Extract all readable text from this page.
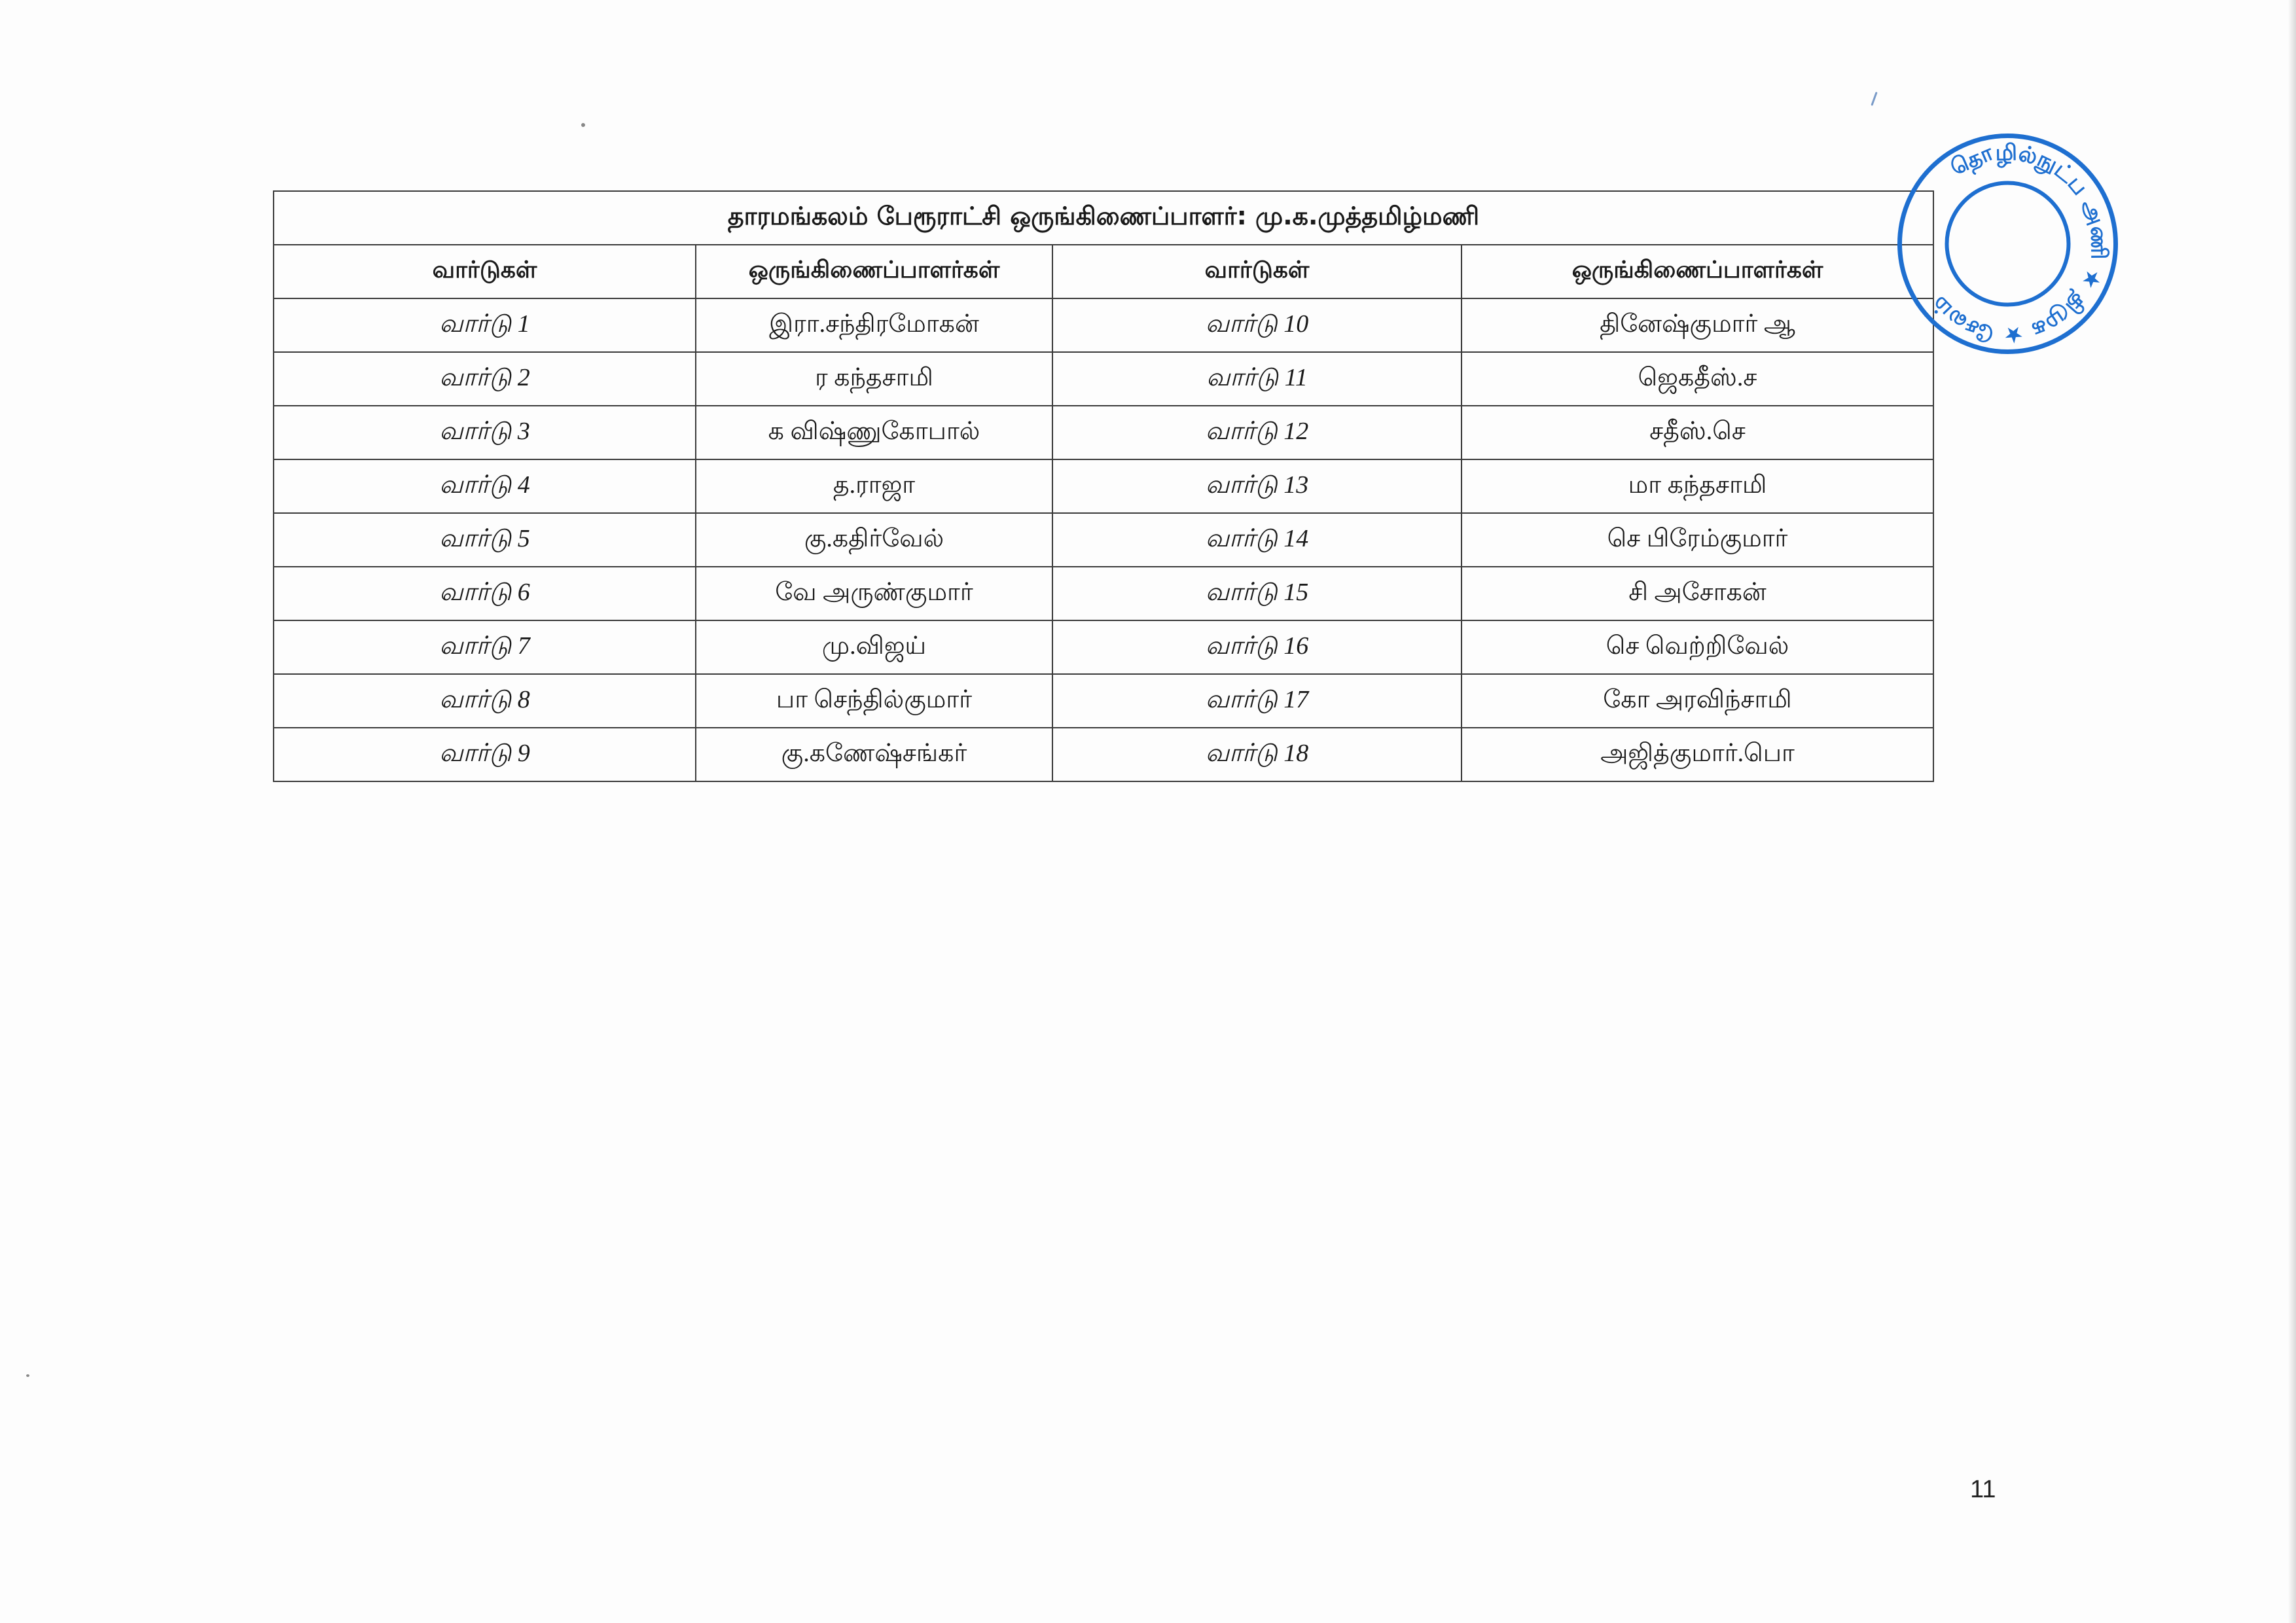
தாரமங்கலம் பேரூராட்சி ஒருங்கிணைப்பாளர்: மு.க.முத்தமிழ்மணி			
வார்டுகள்	ஒருங்கிணைப்பாளர்கள்	வார்டுகள்	ஒருங்கிணைப்பாளர்கள்
வார்டு 1	இரா.சந்திரமோகன்	வார்டு 10	தினேஷ்குமார் ஆ
வார்டு 2	ர கந்தசாமி	வார்டு 11	ஜெகதீஸ்.ச
வார்டு 3	க விஷ்ணுகோபால்	வார்டு 12	சதீஸ்.செ
வார்டு 4	த.ராஜா	வார்டு 13	மா கந்தசாமி
வார்டு 5	கு.கதிர்வேல்	வார்டு 14	செ பிரேம்குமார்
வார்டு 6	வே அருண்குமார்	வார்டு 15	சி அசோகன்
வார்டு 7	மு.விஜய்	வார்டு 16	செ வெற்றிவேல்
வார்டு 8	பா செந்தில்குமார்	வார்டு 17	கோ அரவிந்சாமி
வார்டு 9	கு.கணேஷ்சங்கர்	வார்டு 18	அஜித்குமார்.பொ
தொழில்நுட்ப அணி ★ திமுக ★ சேலம்
11
